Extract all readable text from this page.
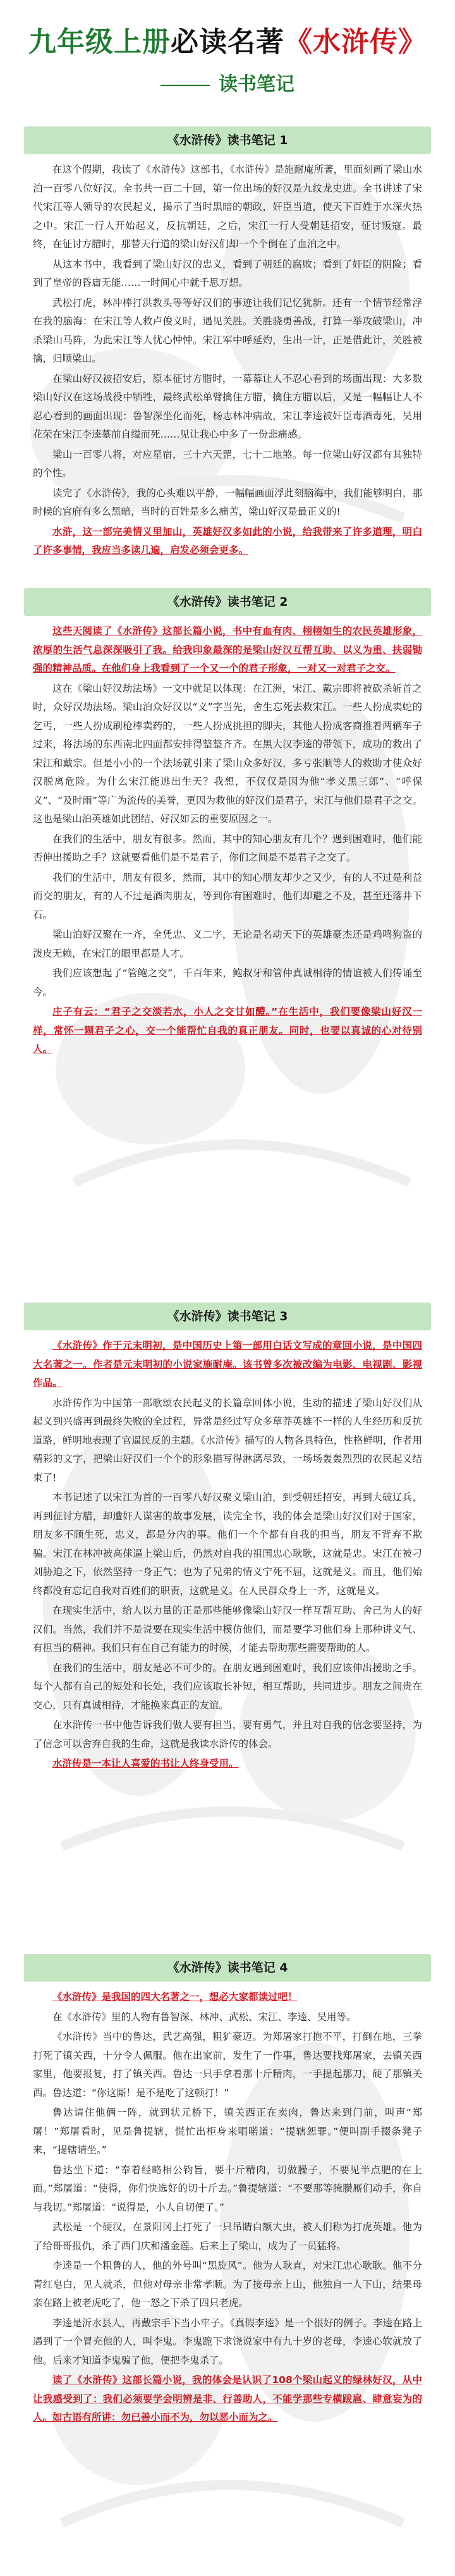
九年级上册必读名著《水浒传》
读书笔记
《水浒传》读书笔记 1

在这个假期，我读了《水浒传》这部书，《水浒传》是施耐庵所著，里面刻画了梁山水泊一百零八位好汉。全书共一百二十回，第一位出场的好汉是九纹龙史进。全书讲述了宋代宋江等人领导的农民起义，揭示了当时黑暗的朝政，奸臣当道，使天下百姓于水深火热之中。宋江一行人开始起义，反抗朝廷，之后，宋江一行人受朝廷招安，征讨叛寇。最终，在征讨方腊时，那替天行道的梁山好汉们却一个个倒在了血泊之中。

从这本书中，我看到了梁山好汉的忠义，看到了朝廷的腐败；看到了奸臣的阴险；看到了皇帝的昏庸无能……一时间心中就千思万想。

武松打虎，林冲棒打洪教头等等好汉们的事迹让我们记忆犹新。还有一个情节经常浮在我的脑海：在宋江等人救卢俊义时，遇见关胜。关胜骁勇善战，打算一举攻破梁山，冲杀梁山马阵，为此宋江等人忧心忡忡。宋江军中呼延灼，生出一计，正是借此计，关胜被擒，归顺梁山。

在梁山好汉被招安后，原本征讨方腊时，一幕幕让人不忍心看到的场面出现：大多数梁山好汉在这场战役中牺牲，最终武松单臂擒住方腊，擒住方腊以后，又是一幅幅让人不忍心看到的画面出现：鲁智深坐化而死，杨志林冲病故，宋江李逵被奸臣毒酒毒死，吴用花荣在宋江李逵墓前自缢而死……见让我心中多了一份悲痛感。

梁山一百零八将，对应星宿，三十六天罡，七十二地煞。每一位梁山好汉都有其独特的个性。

读完了《水浒传》，我的心头难以平静，一幅幅画面浮此刻脑海中，我们能够明白，那时候的官府有多么黑暗，当时的百姓是多么痛苦，梁山好汉是最正义的!

水浒，这一部完美情义里加山，英雄好汉多如此的小说，给我带来了许多道理，明白了许多事情，我应当多读几遍，启发必须会更多。

《水浒传》读书笔记 2

这些天阅读了《水浒传》这部长篇小说，书中有血有肉、栩栩如生的农民英雄形象，浓厚的生活气息深深吸引了我。给我印象最深的是梁山好汉互帮互助、以义为重、扶弱锄强的精神品质。在他们身上我看到了一个又一个的君子形象，一对又一对君子之交。

这在《梁山好汉劫法场》一文中就足以体现：在江洲，宋江、戴宗即将被砍杀斩首之时，众好汉劫法场。梁山泊众好汉以“义”字当先，舍生忘死去救宋江。一些人扮成卖蛇的乞丐，一些人扮成刷枪棒卖药的，一些人扮成挑担的脚夫，其他人扮成客商推着两辆车子过来，将法场的东西南北四面都安排得整整齐齐。在黑大汉李逵的带领下，成功的救出了宋江和戴宗。但是小小的一个法场就引来了梁山众多好汉，多亏张顺等人的救助才使众好汉脱离危险。为什么宋江能逃出生天？我想，不仅仅是因为他“孝义黑三郎”、“呼保义”、“及时雨”等广为流传的美誉，更因为救他的好汉们是君子，宋江与他们是君子之交。这也是梁山泊英雄如此团结、好汉如云的重要原因之一。

在我们的生活中，朋友有很多。然而，其中的知心朋友有几个？遇到困难时，他们能否伸出援助之手？这就要看他们是不是君子，你们之间是不是君子之交了。

我们的生活中，朋友有很多，然而，其中的知心朋友却少之又少，有的人不过是利益而交的朋友，有的人不过是酒肉朋友，等到你有困难时，他们却避之不及，甚至还落井下石。

梁山泊好汉聚在一齐，全凭忠、义二字，无论是名动天下的英雄豪杰还是鸡鸣狗盗的泼皮无赖，在宋江的眼里都是人才。

我们应该想起了“管鲍之交”，千百年来，鲍叔牙和管仲真诚相待的情谊被人们传诵至今。

庄子有云：“君子之交淡若水，小人之交甘如醴。”在生活中，我们要像梁山好汉一样，常怀一颗君子之心，交一个能帮忙自我的真正朋友。同时，也要以真诚的心对待别人。

《水浒传》读书笔记 3

《水浒传》作于元末明初，是中国历史上第一部用白话文写成的章回小说，是中国四大名著之一。作者是元末明初的小说家施耐庵。该书曾多次被改编为电影、电视剧、影视作品。

水浒传作为中国第一部歌颂农民起义的长篇章回体小说，生动的描述了梁山好汉们从起义到兴盛再到最终失败的全过程，异常是经过写众多草莽英雄不一样的人生经历和反抗道路，鲜明地表现了官逼民反的主题。《水浒传》描写的人物各具特色，性格鲜明，作者用精彩的文字，把梁山好汉们一个个的形象描写得淋漓尽致，一场场轰轰烈烈的农民起义结束了!

本书记述了以宋江为首的一百零八好汉聚义梁山泊，到受朝廷招安，再到大破辽兵，再到征讨方腊，却遭奸人谋害的故事发展，读完全书，我的体会是梁山好汉们对于国家，朋友多不顾生死，忠义，都是分内的事。他们一个个都有自我的担当，朋友不背弃不欺骗。宋江在林冲被高俅逼上梁山后，仍然对自我的祖国忠心耿耿，这就是忠。宋江在被刁刘胁迫之下，依然坚持一身正气；也为了兄弟的情义宁死不屈，这就是义。而且，他们始终都没有忘记自我对百姓们的职责，这就是义。在人民群众身上一齐，这就是义。

在现实生活中，给人以力量的正是那些能够像梁山好汉一样互帮互助、舍己为人的好汉们。当然，我们并不是说要在现实生活中模仿他们，而是要学习他们身上那种讲义气、有担当的精神。我们只有在自己有能力的时候，才能去帮助那些需要帮助的人。

在我们的生活中，朋友是必不可少的。在朋友遇到困难时，我们应该伸出援助之手。每个人都有自己的短处和长处，我们应该取长补短，相互帮助，共同进步。朋友之间贵在交心，只有真诚相待，才能换来真正的友谊。

在水浒传一书中他告诉我们做人要有担当，要有勇气，并且对自我的信念要坚持，为了信念可以舍弃自我的生命，这就是我读水浒传的体会。

水浒传是一本让人喜爱的书让人终身受用。

《水浒传》读书笔记 4

《水浒传》是我国的四大名著之一，想必大家都读过吧！

在《水浒传》里的人物有鲁智深、林冲、武松、宋江、李逵、吴用等。

《水浒传》当中的鲁达，武艺高强，粗犷豪迈。为郑屠家打抱不平，打倒在地，三拳打死了镇关西，十分令人佩服。他在出家前，发生了一件事，鲁达要找郑屠家，去镇关西家里，他要报复，打了镇关西。鲁达一只手拿着那十斤精肉，一手提起那刀，硬了那镇关西。鲁达道：“你这厮！是不是吃了这顿打！”

鲁达请住他俩一阵，就到状元桥下，镇关西正在卖肉，鲁达来到门前，叫声“郑屠！”郑屠看时，见是鲁提辖，慌忙出柜身来唱喏道：“提辖恕罪。”便叫副手掇条凳子来，“提辖请坐。”

鲁达坐下道：“奉着经略相公钧旨，要十斤精肉，切做臊子，不要见半点肥的在上面。”郑屠道：“使得，你们快选好的切十斤去。”鲁提辖道：“不要那等腌臜厮们动手，你自与我切。”郑屠道：“说得是，小人自切便了。”

武松是一个硬汉，在景阳冈上打死了一只吊睛白额大虫，被人们称为打虎英雄。他为了给哥哥报仇，杀了西门庆和潘金莲。后来上了梁山，成为了一员猛将。

李逵是一个粗鲁的人，他的外号叫“黑旋风”。他为人耿直，对宋江忠心耿耿。他不分青红皂白，见人就杀，但他对母亲非常孝顺。为了接母亲上山，他独自一人下山，结果母亲在路上被老虎吃了，他一怒之下杀了四只老虎。

李逵是沂水县人，再戴宗手下当小牢子。《真假李逵》是一个很好的例子。李逵在路上遇到了一个冒充他的人，叫李鬼。李鬼跪下求饶说家中有九十岁的老母，李逵心软就放了他。后来才知道李鬼骗了他，便把李鬼杀了。

读了《水浒传》这部长篇小说，我的体会是认识了108个梁山起义的绿林好汉，从中让我感受到了：我们必须要学会明辨是非、行善助人，不能学那些专横跋扈、肆意妄为的人。如古语有所讲：勿已善小而不为，勿以恶小而为之。
